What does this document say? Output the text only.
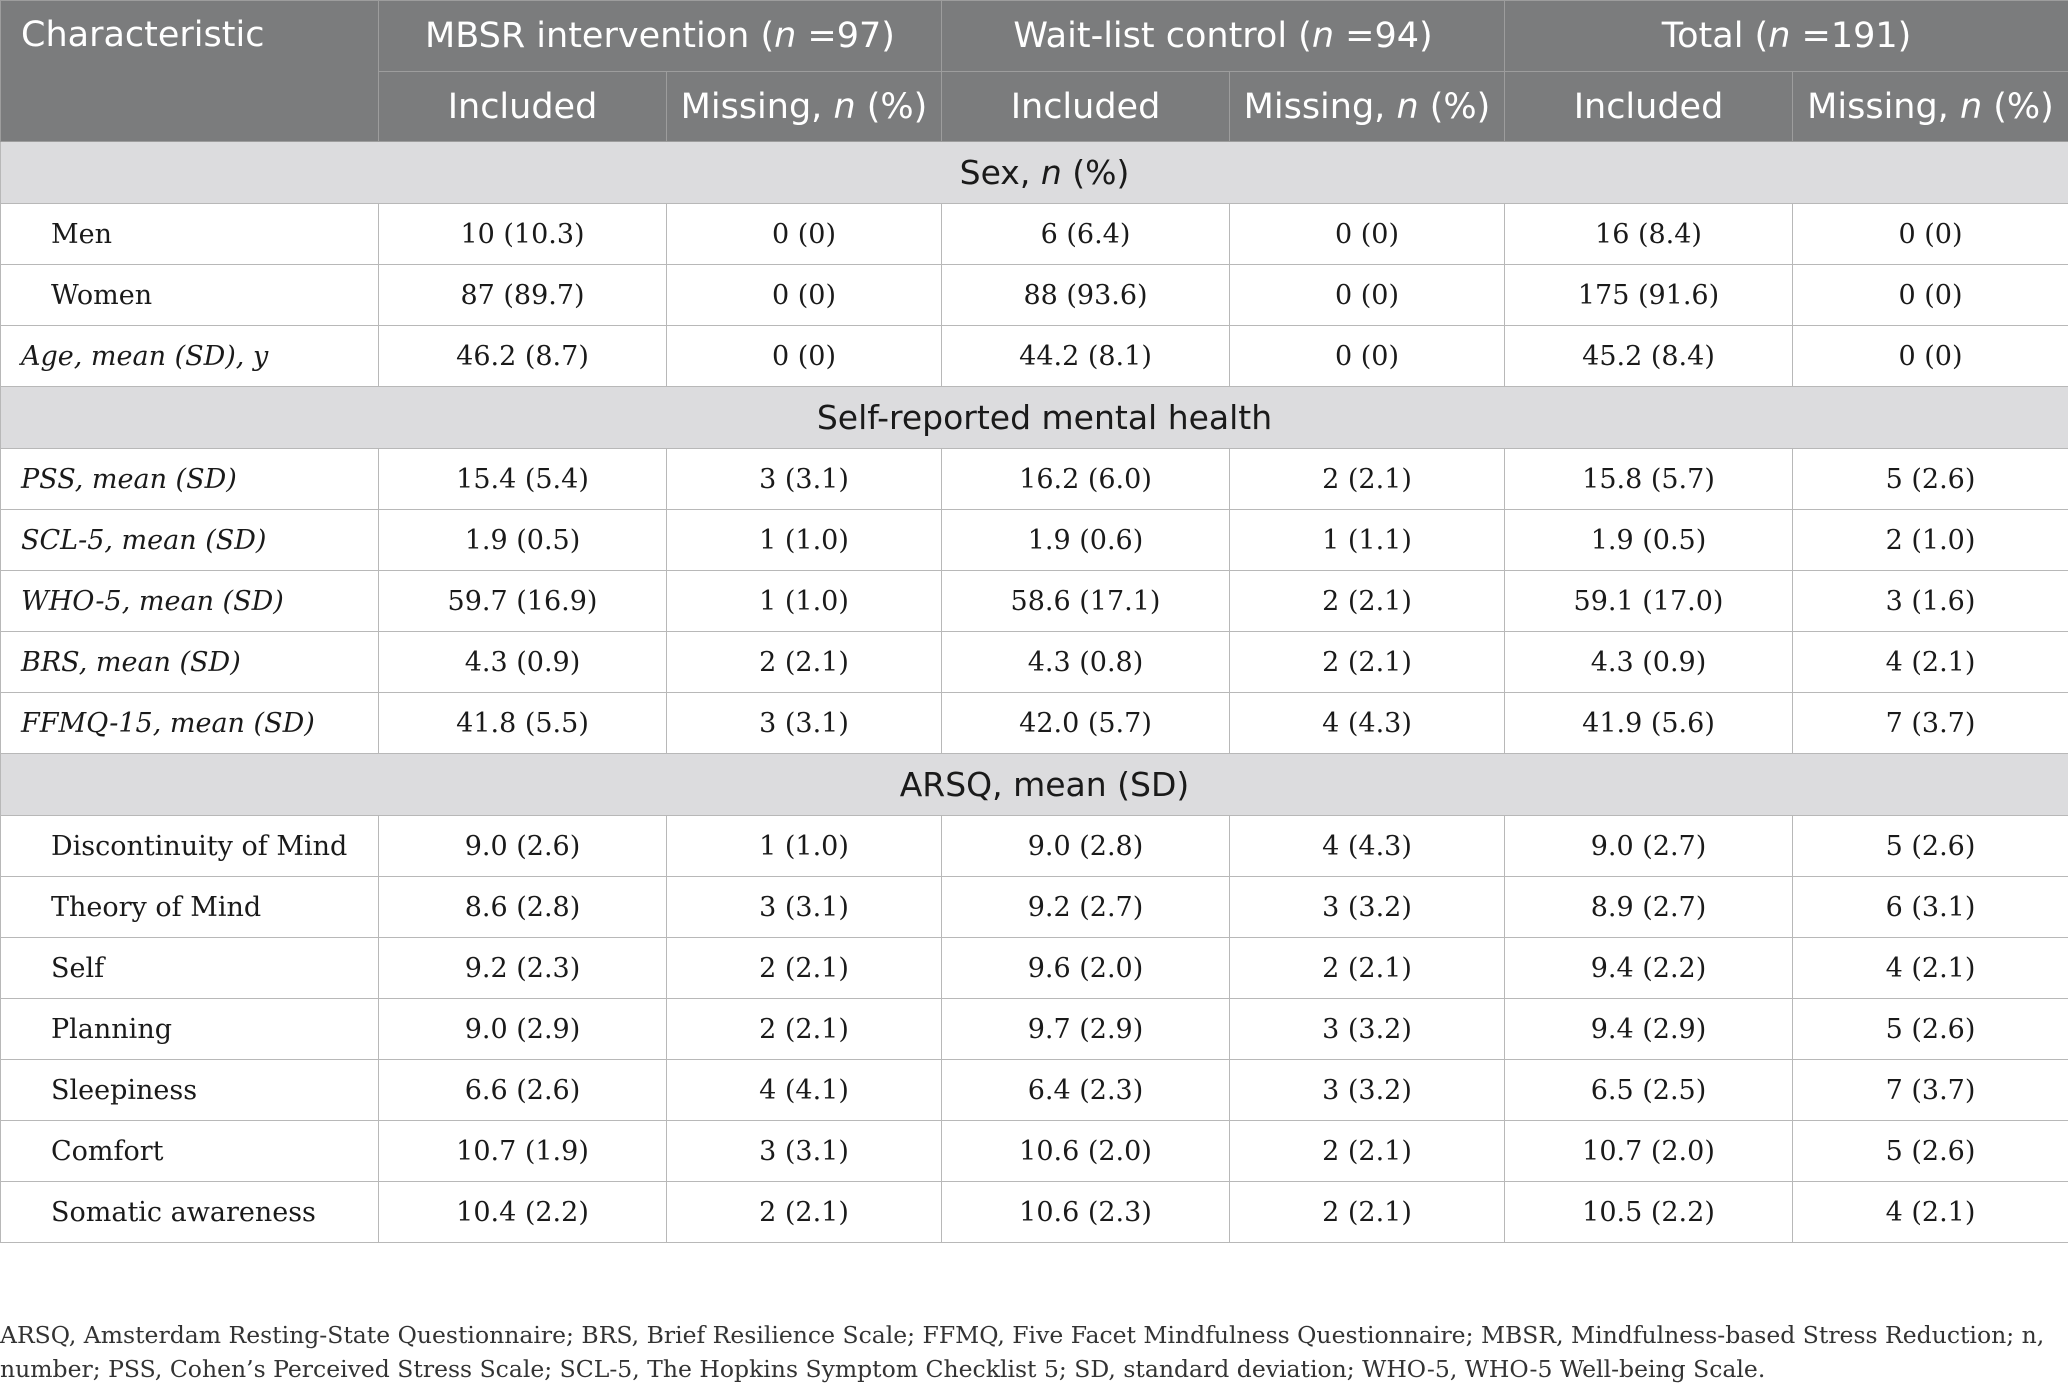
Characteristic	MBSR intervention (n =97)		Wait-list control (n =94)		Total (n =191)	
	Included	Missing, n (%)	Included	Missing, n (%)	Included	Missing, n (%)
Sex, n (%)						
Men	10 (10.3)	0 (0)	6 (6.4)	0 (0)	16 (8.4)	0 (0)
Women	87 (89.7)	0 (0)	88 (93.6)	0 (0)	175 (91.6)	0 (0)
Age, mean (SD), y	46.2 (8.7)	0 (0)	44.2 (8.1)	0 (0)	45.2 (8.4)	0 (0)
Self-reported mental health						
PSS, mean (SD)	15.4 (5.4)	3 (3.1)	16.2 (6.0)	2 (2.1)	15.8 (5.7)	5 (2.6)
SCL-5, mean (SD)	1.9 (0.5)	1 (1.0)	1.9 (0.6)	1 (1.1)	1.9 (0.5)	2 (1.0)
WHO-5, mean (SD)	59.7 (16.9)	1 (1.0)	58.6 (17.1)	2 (2.1)	59.1 (17.0)	3 (1.6)
BRS, mean (SD)	4.3 (0.9)	2 (2.1)	4.3 (0.8)	2 (2.1)	4.3 (0.9)	4 (2.1)
FFMQ-15, mean (SD)	41.8 (5.5)	3 (3.1)	42.0 (5.7)	4 (4.3)	41.9 (5.6)	7 (3.7)
ARSQ, mean (SD)						
Discontinuity of Mind	9.0 (2.6)	1 (1.0)	9.0 (2.8)	4 (4.3)	9.0 (2.7)	5 (2.6)
Theory of Mind	8.6 (2.8)	3 (3.1)	9.2 (2.7)	3 (3.2)	8.9 (2.7)	6 (3.1)
Self	9.2 (2.3)	2 (2.1)	9.6 (2.0)	2 (2.1)	9.4 (2.2)	4 (2.1)
Planning	9.0 (2.9)	2 (2.1)	9.7 (2.9)	3 (3.2)	9.4 (2.9)	5 (2.6)
Sleepiness	6.6 (2.6)	4 (4.1)	6.4 (2.3)	3 (3.2)	6.5 (2.5)	7 (3.7)
Comfort	10.7 (1.9)	3 (3.1)	10.6 (2.0)	2 (2.1)	10.7 (2.0)	5 (2.6)
Somatic awareness	10.4 (2.2)	2 (2.1)	10.6 (2.3)	2 (2.1)	10.5 (2.2)	4 (2.1)
ARSQ, Amsterdam Resting-State Questionnaire; BRS, Brief Resilience Scale; FFMQ, Five Facet Mindfulness Questionnaire; MBSR, Mindfulness-based Stress Reduction; n, number; PSS, Cohen’s Perceived Stress Scale; SCL-5, The Hopkins Symptom Checklist 5; SD, standard deviation; WHO-5, WHO-5 Well-being Scale.
